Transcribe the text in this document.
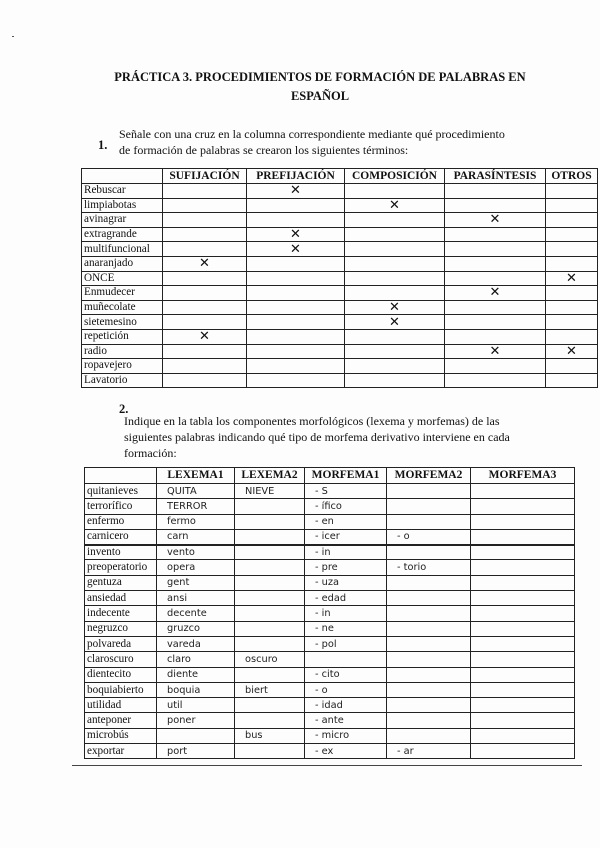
PRÁCTICA 3. PROCEDIMIENTOS DE FORMACIÓN DE PALABRAS EN
ESPAÑOL
1.
Señale con una cruz en la columna correspondiente mediante qué procedimiento
de formación de palabras se crearon los siguientes términos:
	SUFIJACIÓN	PREFIJACIÓN	COMPOSICIÓN	PARASÍNTESIS	OTROS
Rebuscar		✕			
limpiabotas			✕		
avinagrar				✕	
extragrande		✕			
multifuncional		✕			
anaranjado	✕				
ONCE					✕
Enmudecer				✕	
muñecolate			✕		
sietemesino			✕		
repetición	✕				
radio				✕	✕
ropavejero					
Lavatorio					
2.
Indique en la tabla los componentes morfológicos (lexema y morfemas) de las
siguientes palabras indicando qué tipo de morfema derivativo interviene en cada
formación:
	LEXEMA1	LEXEMA2	MORFEMA1	MORFEMA2	MORFEMA3
quitanieves	QUITA	NIEVE	- S		
terrorífico	TERROR		- ífico		
enfermo	fermo		- en		
carnicero	carn		- icer	- o	
invento	vento		- in		
preoperatorio	opera		- pre	- torio	
gentuza	gent		- uza		
ansiedad	ansi		- edad		
indecente	decente		- in		
negruzco	gruzco		- ne		
polvareda	vareda		- pol		
claroscuro	claro	oscuro			
dientecito	diente		- cito		
boquiabierto	boquia	biert	- o		
utilidad	util		- idad		
anteponer	poner		- ante		
microbús		bus	- micro		
exportar	port		- ex	- ar	
